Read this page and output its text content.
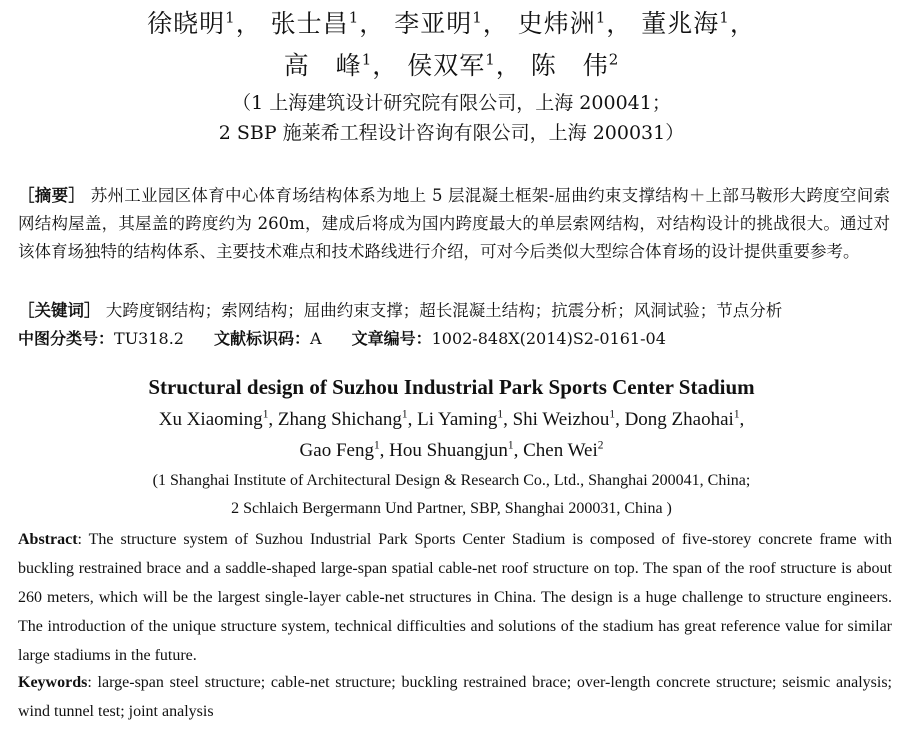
徐晓明$^1$， 张士昌$^1$， 李亚明$^1$， 史炜洲$^1$， 董兆海$^1$，
高　峰$^1$， 侯双军$^1$， 陈　伟$^2$
（1 上海建筑设计研究院有限公司，上海 200041；
2 SBP 施莱希工程设计咨询有限公司，上海 200031）
［摘要］ 苏州工业园区体育中心体育场结构体系为地上 5 层混凝土框架-屈曲约束支撑结构＋上部马鞍形大跨度空间索网结构屋盖，其屋盖的跨度约为 260m，建成后将成为国内跨度最大的单层索网结构，对结构设计的挑战很大。通过对该体育场独特的结构体系、主要技术难点和技术路线进行介绍，可对今后类似大型综合体育场的设计提供重要参考。
［关键词］ 大跨度钢结构；索网结构；屈曲约束支撑；超长混凝土结构；抗震分析；风洞试验；节点分析
中图分类号：TU318.2 文献标识码：A 文章编号：1002-848X(2014)S2-0161-04
Structural design of Suzhou Industrial Park Sports Center Stadium
Xu Xiaoming$^1$, Zhang Shichang$^1$, Li Yaming$^1$, Shi Weizhou$^1$, Dong Zhaohai$^1$,
Gao Feng$^1$, Hou Shuangjun$^1$, Chen Wei$^2$
(1 Shanghai Institute of Architectural Design & Research Co., Ltd., Shanghai 200041, China;
2 Schlaich Bergermann Und Partner, SBP, Shanghai 200031, China )
Abstract: The structure system of Suzhou Industrial Park Sports Center Stadium is composed of five-storey concrete frame with buckling restrained brace and a saddle-shaped large-span spatial cable-net roof structure on top. The span of the roof structure is about 260 meters, which will be the largest single-layer cable-net structures in China. The design is a huge challenge to structure engineers. The introduction of the unique structure system, technical difficulties and solutions of the stadium has great reference value for similar large stadiums in the future.
Keywords: large-span steel structure; cable-net structure; buckling restrained brace; over-length concrete structure; seismic analysis; wind tunnel test; joint analysis
